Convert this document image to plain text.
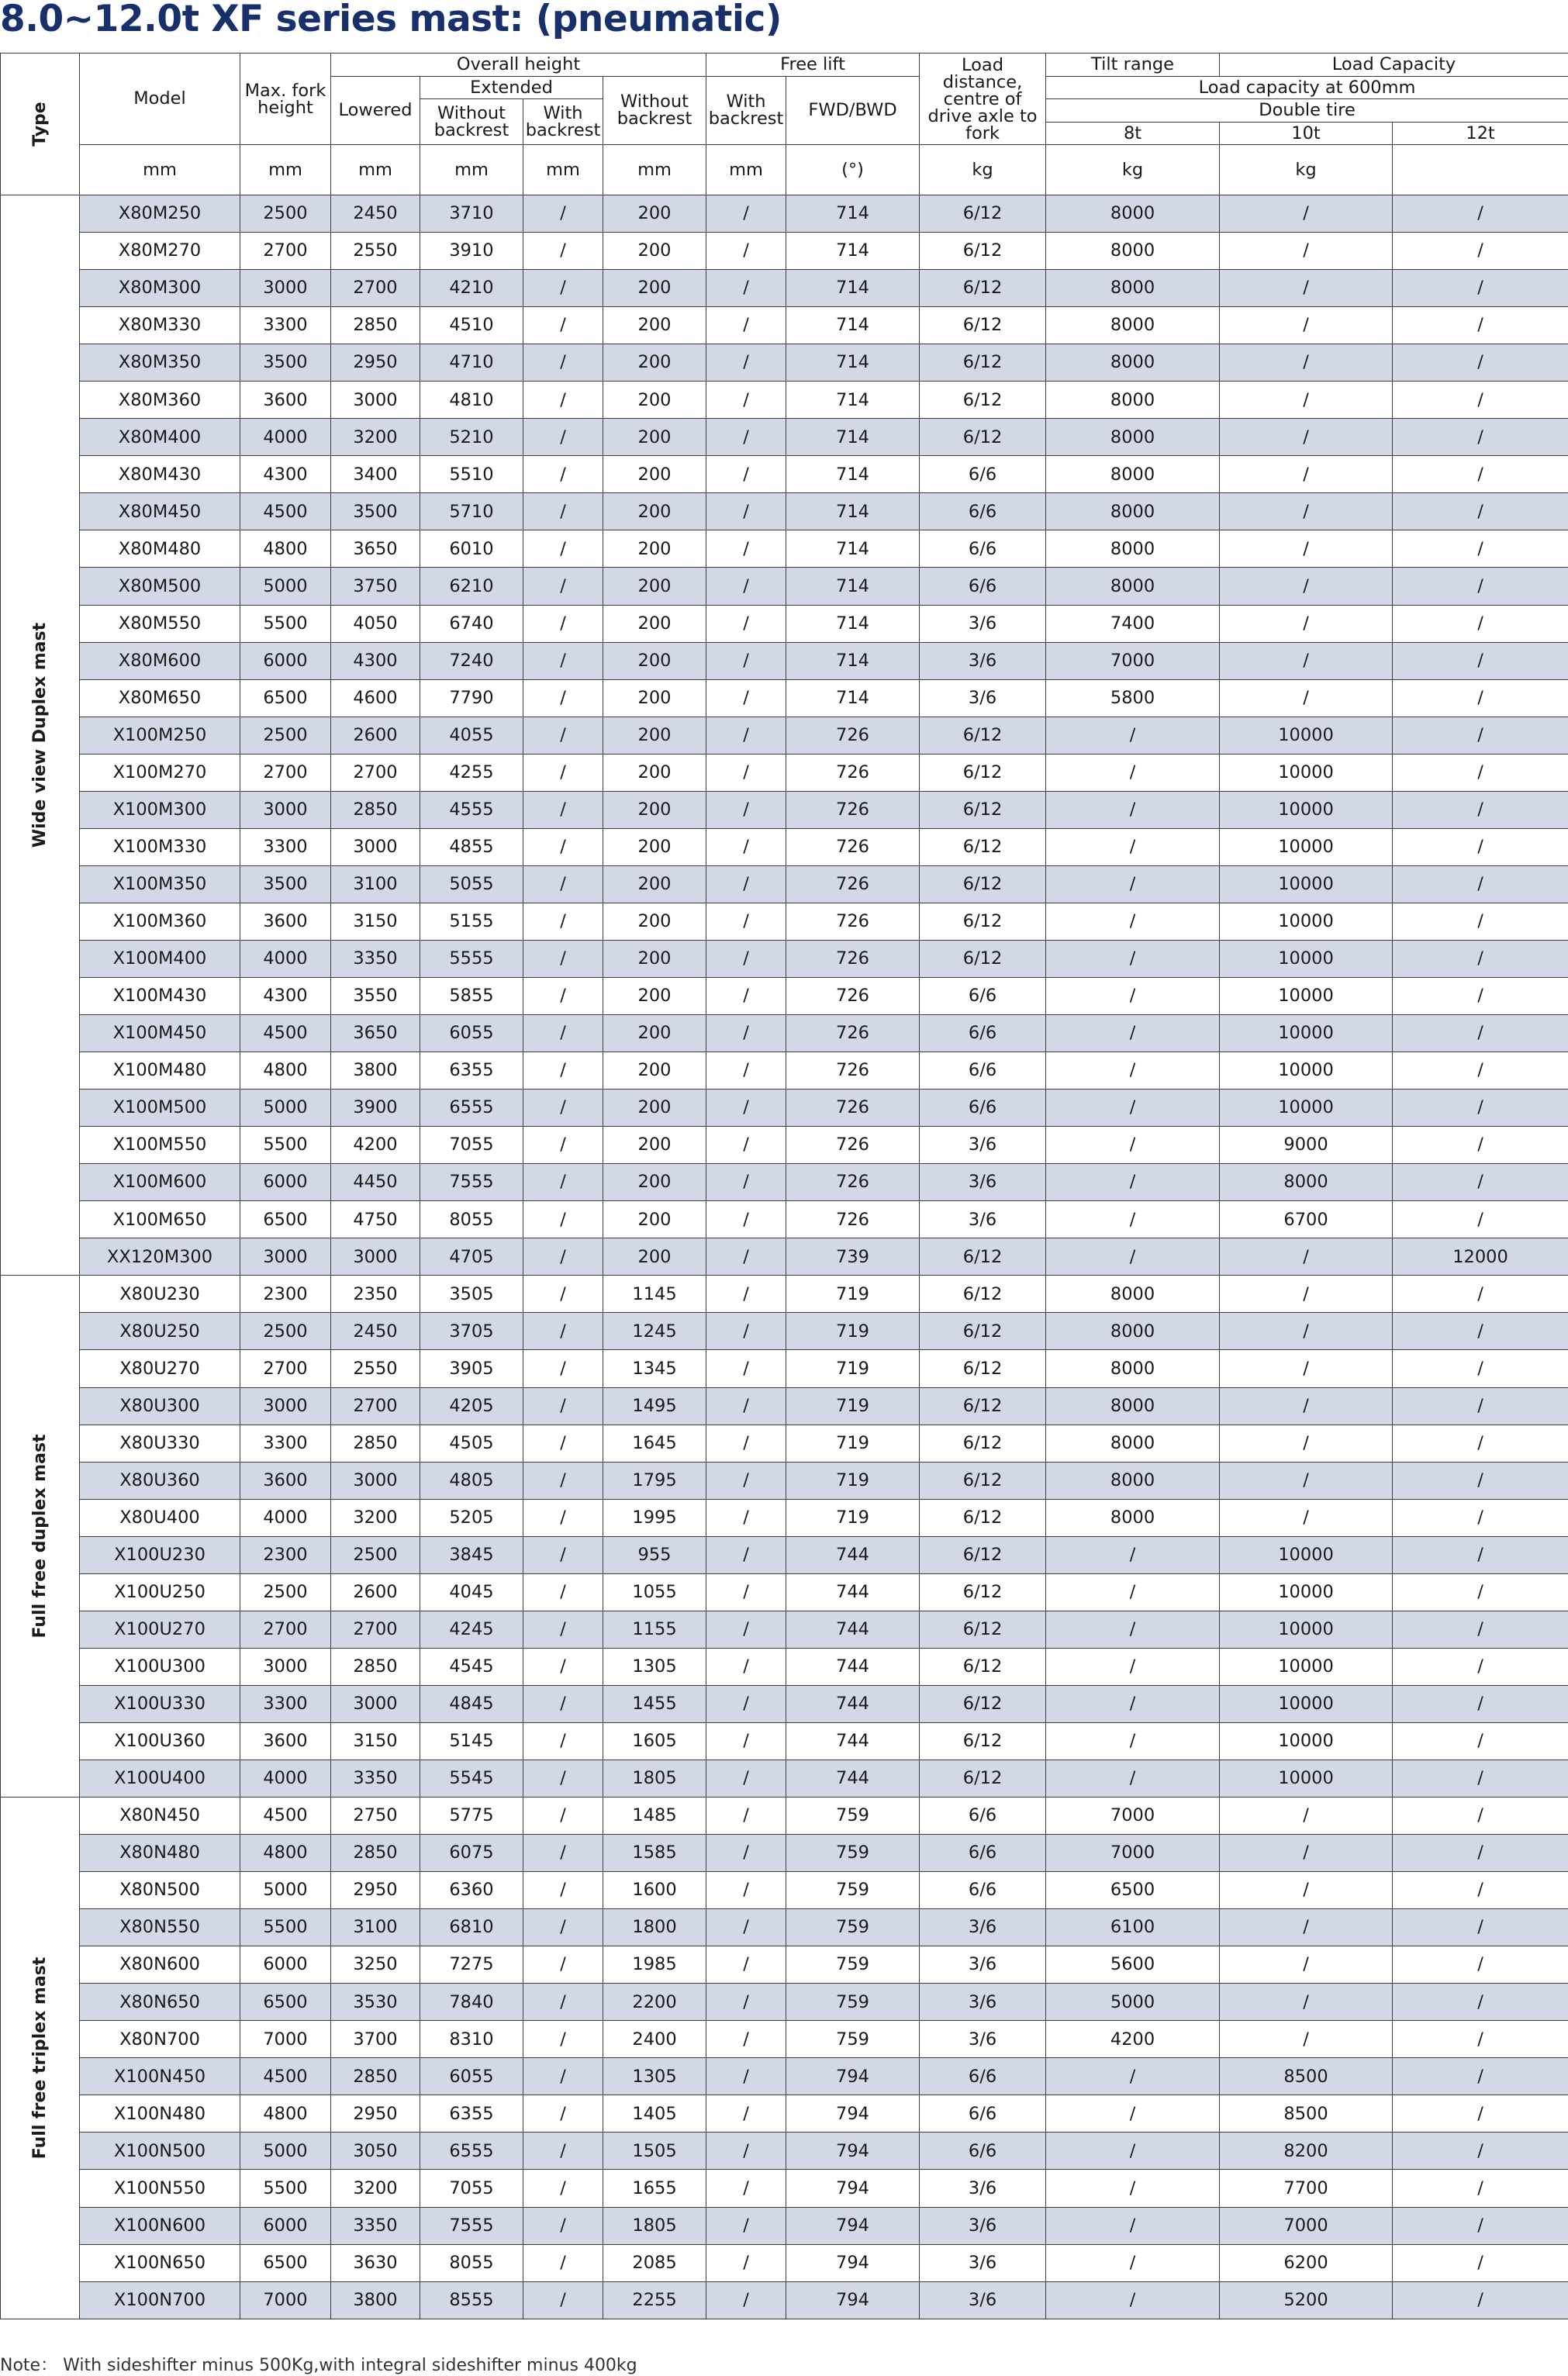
8.0~12.0t XF series mast: (pneumatic)
Type	Model	Max. fork height	Overall height				Free lift		Load distance, centre of drive axle to fork	Tilt range	Load Capacity	
			Lowered	Extended		Without backrest	With backrest	FWD/BWD		Load capacity at 600mm		
				Without backrest	With backrest					Double tire		
										8t	10t	12t
	mm	mm	mm	mm	mm	mm	mm	(°)	kg	kg	kg	

Wide view Duplex mast	X80M250	2500	2450	3710	/	200	/	714	6/12	8000	/	/
	X80M270	2700	2550	3910	/	200	/	714	6/12	8000	/	/
	X80M300	3000	2700	4210	/	200	/	714	6/12	8000	/	/
	X80M330	3300	2850	4510	/	200	/	714	6/12	8000	/	/
	X80M350	3500	2950	4710	/	200	/	714	6/12	8000	/	/
	X80M360	3600	3000	4810	/	200	/	714	6/12	8000	/	/
	X80M400	4000	3200	5210	/	200	/	714	6/12	8000	/	/
	X80M430	4300	3400	5510	/	200	/	714	6/6	8000	/	/
	X80M450	4500	3500	5710	/	200	/	714	6/6	8000	/	/
	X80M480	4800	3650	6010	/	200	/	714	6/6	8000	/	/
	X80M500	5000	3750	6210	/	200	/	714	6/6	8000	/	/
	X80M550	5500	4050	6740	/	200	/	714	3/6	7400	/	/
	X80M600	6000	4300	7240	/	200	/	714	3/6	7000	/	/
	X80M650	6500	4600	7790	/	200	/	714	3/6	5800	/	/
	X100M250	2500	2600	4055	/	200	/	726	6/12	/	10000	/
	X100M270	2700	2700	4255	/	200	/	726	6/12	/	10000	/
	X100M300	3000	2850	4555	/	200	/	726	6/12	/	10000	/
	X100M330	3300	3000	4855	/	200	/	726	6/12	/	10000	/
	X100M350	3500	3100	5055	/	200	/	726	6/12	/	10000	/
	X100M360	3600	3150	5155	/	200	/	726	6/12	/	10000	/
	X100M400	4000	3350	5555	/	200	/	726	6/12	/	10000	/
	X100M430	4300	3550	5855	/	200	/	726	6/6	/	10000	/
	X100M450	4500	3650	6055	/	200	/	726	6/6	/	10000	/
	X100M480	4800	3800	6355	/	200	/	726	6/6	/	10000	/
	X100M500	5000	3900	6555	/	200	/	726	6/6	/	10000	/
	X100M550	5500	4200	7055	/	200	/	726	3/6	/	9000	/
	X100M600	6000	4450	7555	/	200	/	726	3/6	/	8000	/
	X100M650	6500	4750	8055	/	200	/	726	3/6	/	6700	/
	XX120M300	3000	3000	4705	/	200	/	739	6/12	/	/	12000

Full free duplex mast	X80U230	2300	2350	3505	/	1145	/	719	6/12	8000	/	/
	X80U250	2500	2450	3705	/	1245	/	719	6/12	8000	/	/
	X80U270	2700	2550	3905	/	1345	/	719	6/12	8000	/	/
	X80U300	3000	2700	4205	/	1495	/	719	6/12	8000	/	/
	X80U330	3300	2850	4505	/	1645	/	719	6/12	8000	/	/
	X80U360	3600	3000	4805	/	1795	/	719	6/12	8000	/	/
	X80U400	4000	3200	5205	/	1995	/	719	6/12	8000	/	/
	X100U230	2300	2500	3845	/	955	/	744	6/12	/	10000	/
	X100U250	2500	2600	4045	/	1055	/	744	6/12	/	10000	/
	X100U270	2700	2700	4245	/	1155	/	744	6/12	/	10000	/
	X100U300	3000	2850	4545	/	1305	/	744	6/12	/	10000	/
	X100U330	3300	3000	4845	/	1455	/	744	6/12	/	10000	/
	X100U360	3600	3150	5145	/	1605	/	744	6/12	/	10000	/
	X100U400	4000	3350	5545	/	1805	/	744	6/12	/	10000	/

Full free triplex mast	X80N450	4500	2750	5775	/	1485	/	759	6/6	7000	/	/
	X80N480	4800	2850	6075	/	1585	/	759	6/6	7000	/	/
	X80N500	5000	2950	6360	/	1600	/	759	6/6	6500	/	/
	X80N550	5500	3100	6810	/	1800	/	759	3/6	6100	/	/
	X80N600	6000	3250	7275	/	1985	/	759	3/6	5600	/	/
	X80N650	6500	3530	7840	/	2200	/	759	3/6	5000	/	/
	X80N700	7000	3700	8310	/	2400	/	759	3/6	4200	/	/
	X100N450	4500	2850	6055	/	1305	/	794	6/6	/	8500	/
	X100N480	4800	2950	6355	/	1405	/	794	6/6	/	8500	/
	X100N500	5000	3050	6555	/	1505	/	794	6/6	/	8200	/
	X100N550	5500	3200	7055	/	1655	/	794	3/6	/	7700	/
	X100N600	6000	3350	7555	/	1805	/	794	3/6	/	7000	/
	X100N650	6500	3630	8055	/	2085	/	794	3/6	/	6200	/
	X100N700	7000	3800	8555	/	2255	/	794	3/6	/	5200	/
Note： With sideshifter minus 500Kg,with integral sideshifter minus 400kg
